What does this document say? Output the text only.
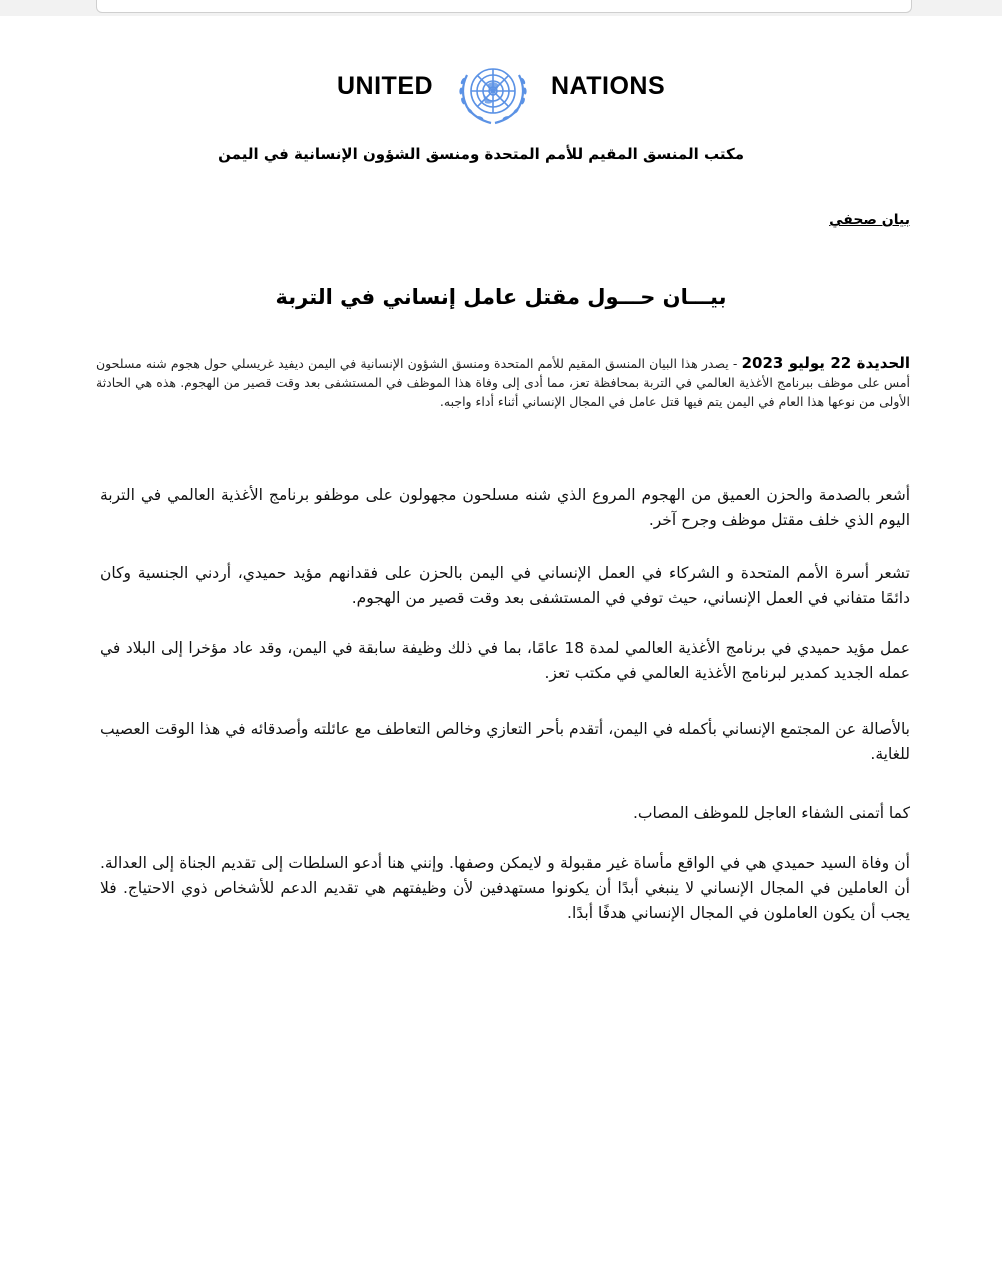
UNITED	NATIONS
مكتب المنسق المقيم للأمم المتحدة ومنسق الشؤون الإنسانية في اليمن
بيان صحفي
بيـــان حـــول مقتل عامل إنساني في التربة
الحديدة 22 يوليو 2023 - يصدر هذا البيان المنسق المقيم للأمم المتحدة ومنسق الشؤون الإنسانية في اليمن ديفيد غريسلي حول هجوم شنه مسلحون أمس على موظف ببرنامج الأغذية العالمي في التربة بمحافظة تعز، مما أدى إلى وفاة هذا الموظف في المستشفى بعد وقت قصير من الهجوم. هذه هي الحادثة الأولى من نوعها هذا العام في اليمن يتم فيها قتل عامل في المجال الإنساني أثناء أداء واجبه.
أشعر بالصدمة والحزن العميق من الهجوم المروع الذي شنه مسلحون مجهولون على موظفو برنامج الأغذية العالمي في التربة اليوم الذي خلف مقتل موظف وجرح آخر.
تشعر أسرة الأمم المتحدة و الشركاء في العمل الإنساني في اليمن بالحزن على فقدانهم مؤيد حميدي، أردني الجنسية وكان دائمًا متفاني في العمل الإنساني، حيث توفي في المستشفى بعد وقت قصير من الهجوم.
عمل مؤيد حميدي في برنامج الأغذية العالمي لمدة 18 عامًا، بما في ذلك وظيفة سابقة في اليمن، وقد عاد مؤخرا إلى البلاد في عمله الجديد كمدير لبرنامج الأغذية العالمي في مكتب تعز.
بالأصالة عن المجتمع الإنساني بأكمله في اليمن، أتقدم بأحر التعازي وخالص التعاطف مع عائلته وأصدقائه في هذا الوقت العصيب للغاية.
كما أتمنى الشفاء العاجل للموظف المصاب.
أن وفاة السيد حميدي هي في الواقع مأساة غير مقبولة و لايمكن وصفها. وإنني هنا أدعو السلطات إلى تقديم الجناة إلى العدالة. أن العاملين في المجال الإنساني لا ينبغي أبدًا أن يكونوا مستهدفين لأن وظيفتهم هي تقديم الدعم للأشخاص ذوي الاحتياج. فلا يجب أن يكون العاملون في المجال الإنساني هدفًا أبدًا.
